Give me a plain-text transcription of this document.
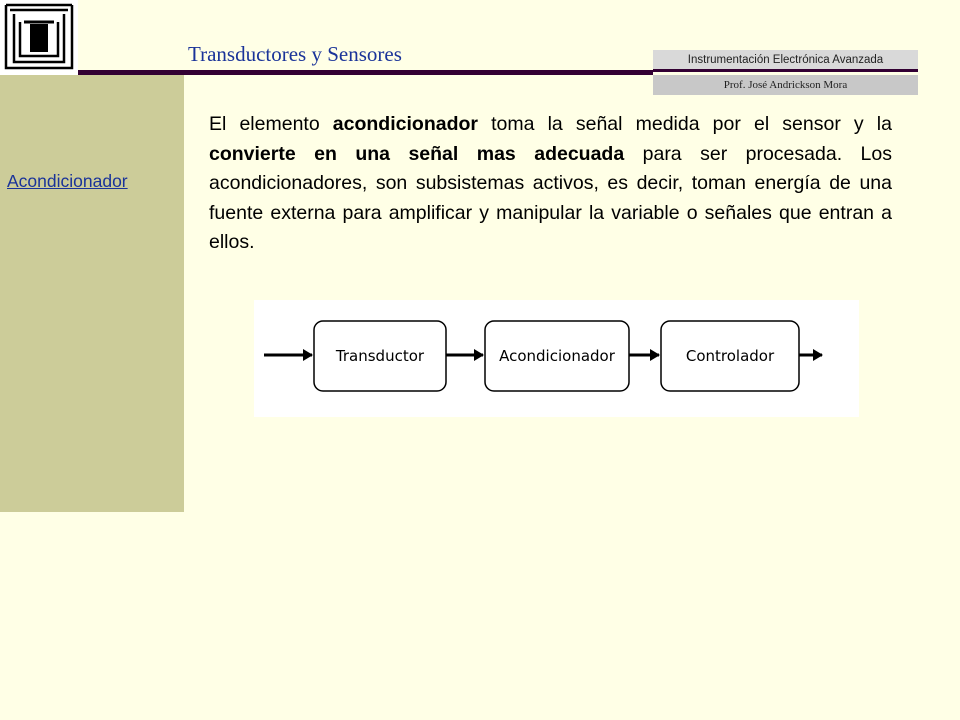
Acondicionador
Transductores y Sensores	Instrumentación Electrónica Avanzada
Prof. José Andrickson Mora
El elemento acondicionador toma la señal medida por el sensor y la convierte en una señal mas adecuada para ser procesada. Los acondicionadores, son subsistemas activos, es decir, toman energía de una fuente externa para amplificar y manipular la variable o señales que entran a ellos.
Transductor	Acondicionador	Controlador
